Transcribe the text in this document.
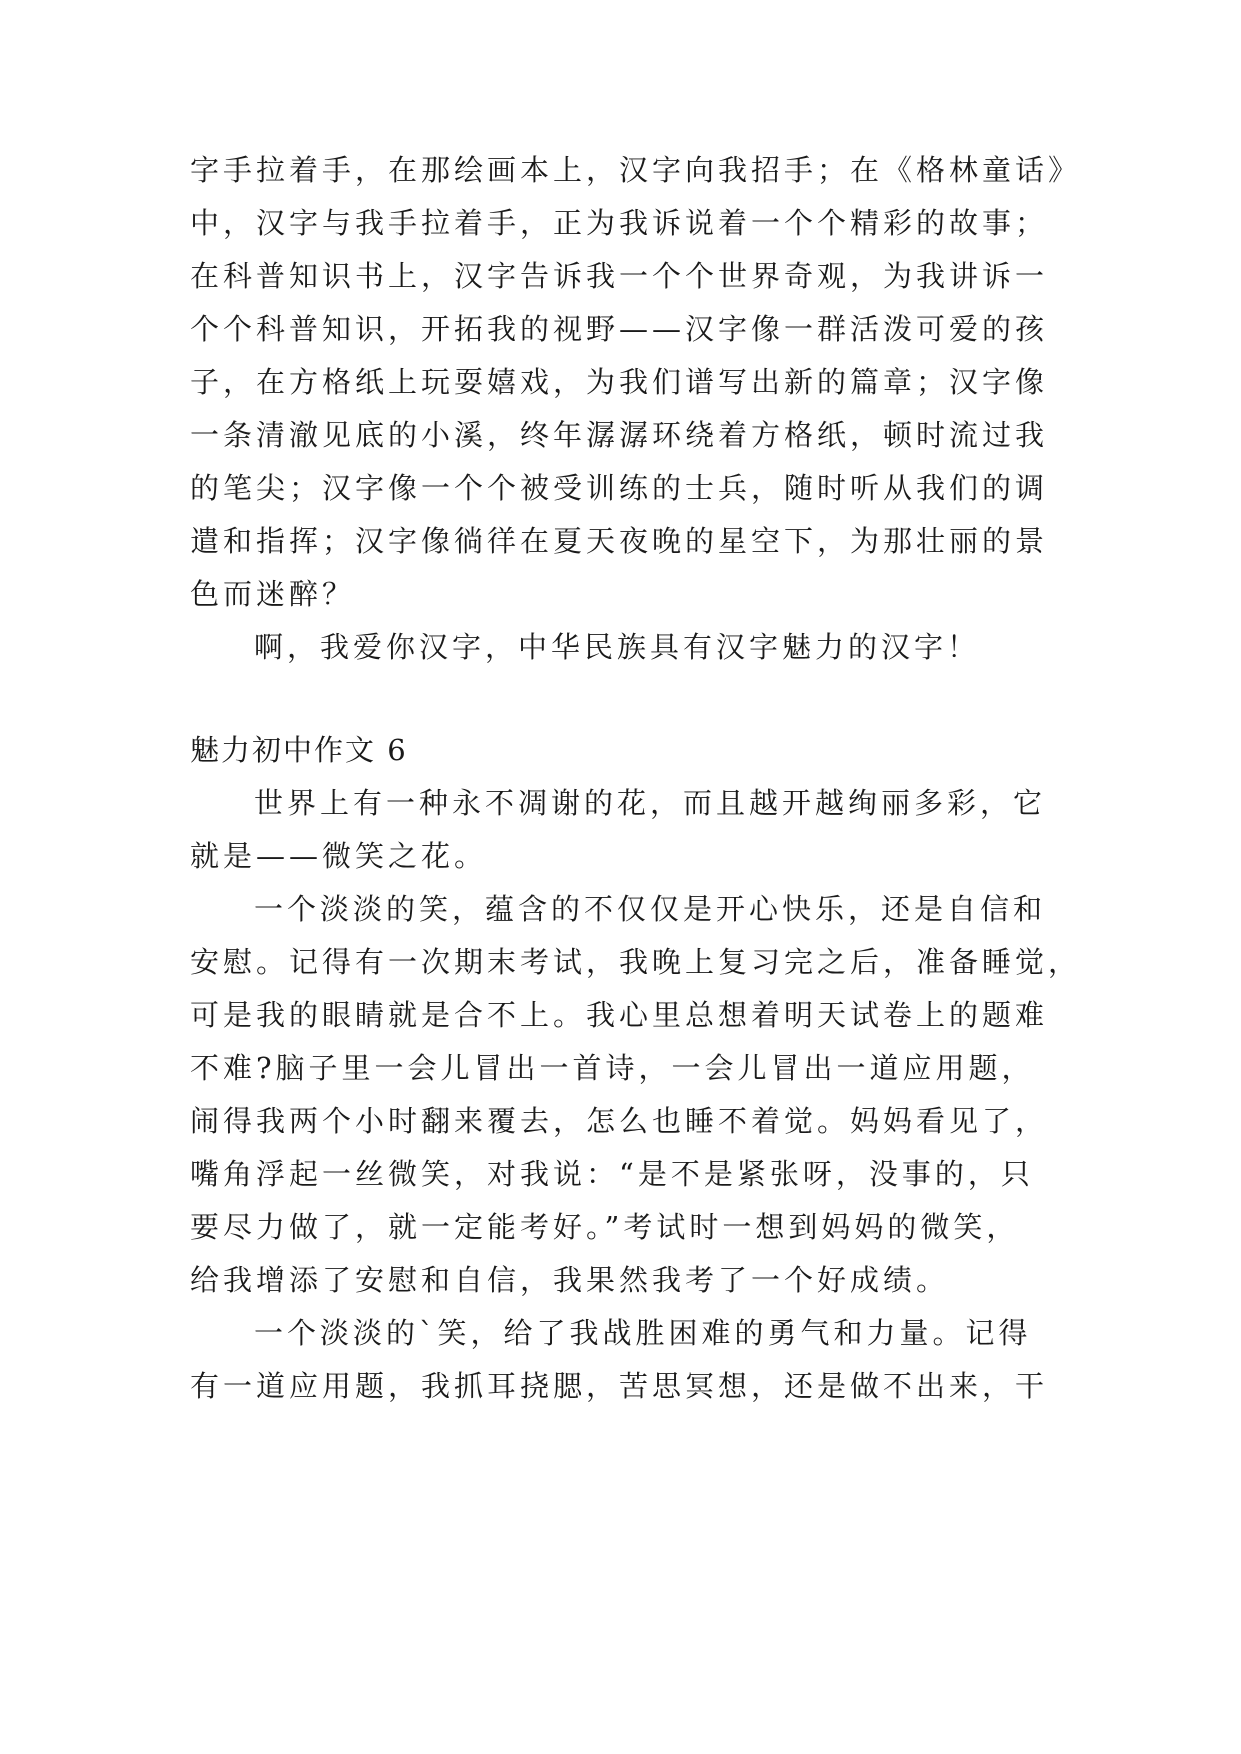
字手拉着手，在那绘画本上，汉字向我招手；在《格林童话》
中，汉字与我手拉着手，正为我诉说着一个个精彩的故事；
在科普知识书上，汉字告诉我一个个世界奇观，为我讲诉一
个个科普知识，开拓我的视野——汉字像一群活泼可爱的孩
子，在方格纸上玩耍嬉戏，为我们谱写出新的篇章；汉字像
一条清澈见底的小溪，终年潺潺环绕着方格纸，顿时流过我
的笔尖；汉字像一个个被受训练的士兵，随时听从我们的调
遣和指挥；汉字像徜徉在夏天夜晚的星空下，为那壮丽的景
色而迷醉？
啊，我爱你汉字，中华民族具有汉字魅力的汉字！
魅力初中作文 6
世界上有一种永不凋谢的花，而且越开越绚丽多彩，它
就是——微笑之花。
一个淡淡的笑，蕴含的不仅仅是开心快乐，还是自信和
安慰。记得有一次期末考试，我晚上复习完之后，准备睡觉，
可是我的眼睛就是合不上。我心里总想着明天试卷上的题难
不难?脑子里一会儿冒出一首诗，一会儿冒出一道应用题，
闹得我两个小时翻来覆去，怎么也睡不着觉。妈妈看见了，
嘴角浮起一丝微笑，对我说：“是不是紧张呀，没事的，只
要尽力做了，就一定能考好。”考试时一想到妈妈的微笑，
给我增添了安慰和自信，我果然我考了一个好成绩。
一个淡淡的`笑，给了我战胜困难的勇气和力量。记得
有一道应用题，我抓耳挠腮，苦思冥想，还是做不出来，干
